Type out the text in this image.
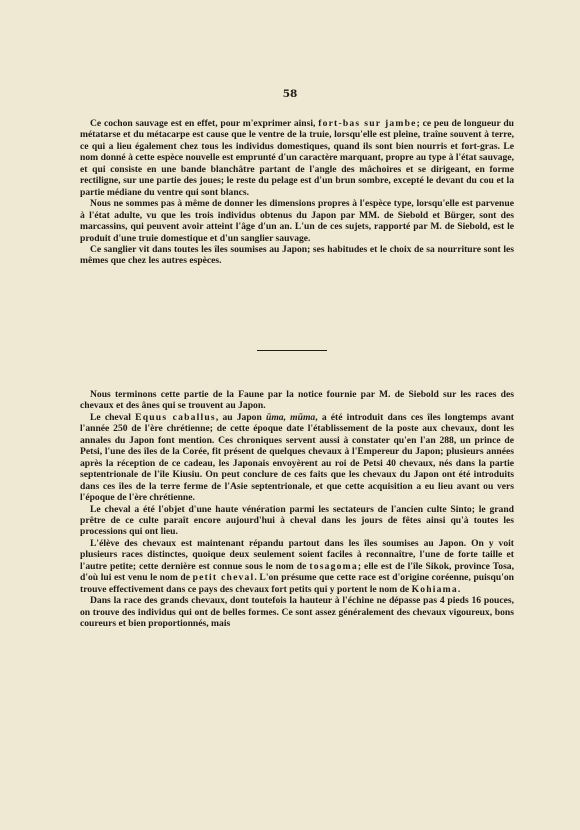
58

Ce cochon sauvage est en effet, pour m'exprimer ainsi, fort-bas sur jambe; ce peu de longueur du métatarse et du métacarpe est cause que le ventre de la truie, lorsqu'elle est pleine, traîne souvent à terre, ce qui a lieu également chez tous les individus domestiques, quand ils sont bien nourris et fort-gras. Le nom donné à cette espèce nouvelle est emprunté d'un caractère marquant, propre au type à l'état sauvage, et qui consiste en une bande blanchâtre partant de l'angle des mâchoires et se dirigeant, en forme rectiligne, sur une partie des joues; le reste du pelage est d'un brun sombre, excepté le devant du cou et la partie médiane du ventre qui sont blancs.

Nous ne sommes pas à même de donner les dimensions propres à l'espèce type, lorsqu'elle est parvenue à l'état adulte, vu que les trois individus obtenus du Japon par MM. de Siebold et Bürger, sont des marcassins, qui peuvent avoir atteint l'âge d'un an. L'un de ces sujets, rapporté par M. de Siebold, est le produit d'une truie domestique et d'un sanglier sauvage.

Ce sanglier vit dans toutes les îles soumises au Japon; ses habitudes et le choix de sa nourriture sont les mêmes que chez les autres espèces.

Nous terminons cette partie de la Faune par la notice fournie par M. de Siebold sur les races des chevaux et des ânes qui se trouvent au Japon.

Le cheval Equus caballus, au Japon ūma, mūma, a été introduit dans ces îles longtemps avant l'année 250 de l'ère chrétienne; de cette époque date l'établissement de la poste aux chevaux, dont les annales du Japon font mention. Ces chroniques servent aussi à constater qu'en l'an 288, un prince de Petsi, l'une des îles de la Corée, fit présent de quelques chevaux à l'Empereur du Japon; plusieurs années après la réception de ce cadeau, les Japonais envoyèrent au roi de Petsi 40 chevaux, nés dans la partie septentrionale de l'île Kiusiu. On peut conclure de ces faits que les chevaux du Japon ont été introduits dans ces îles de la terre ferme de l'Asie septentrionale, et que cette acquisition a eu lieu avant ou vers l'époque de l'ère chrétienne.

Le cheval a été l'objet d'une haute vénération parmi les sectateurs de l'ancien culte Sinto; le grand prêtre de ce culte paraît encore aujourd'hui à cheval dans les jours de fêtes ainsi qu'à toutes les processions qui ont lieu.

L'élève des chevaux est maintenant répandu partout dans les îles soumises au Japon. On y voit plusieurs races distinctes, quoique deux seulement soient faciles à reconnaître, l'une de forte taille et l'autre petite; cette dernière est connue sous le nom de tosagoma; elle est de l'île Sikok, province Tosa, d'où lui est venu le nom de petit cheval. L'on présume que cette race est d'origine coréenne, puisqu'on trouve effectivement dans ce pays des chevaux fort petits qui y portent le nom de Kohiama.

Dans la race des grands chevaux, dont toutefois la hauteur à l'échine ne dépasse pas 4 pieds 16 pouces, on trouve des individus qui ont de belles formes. Ce sont assez généralement des chevaux vigoureux, bons coureurs et bien proportionnés, mais
